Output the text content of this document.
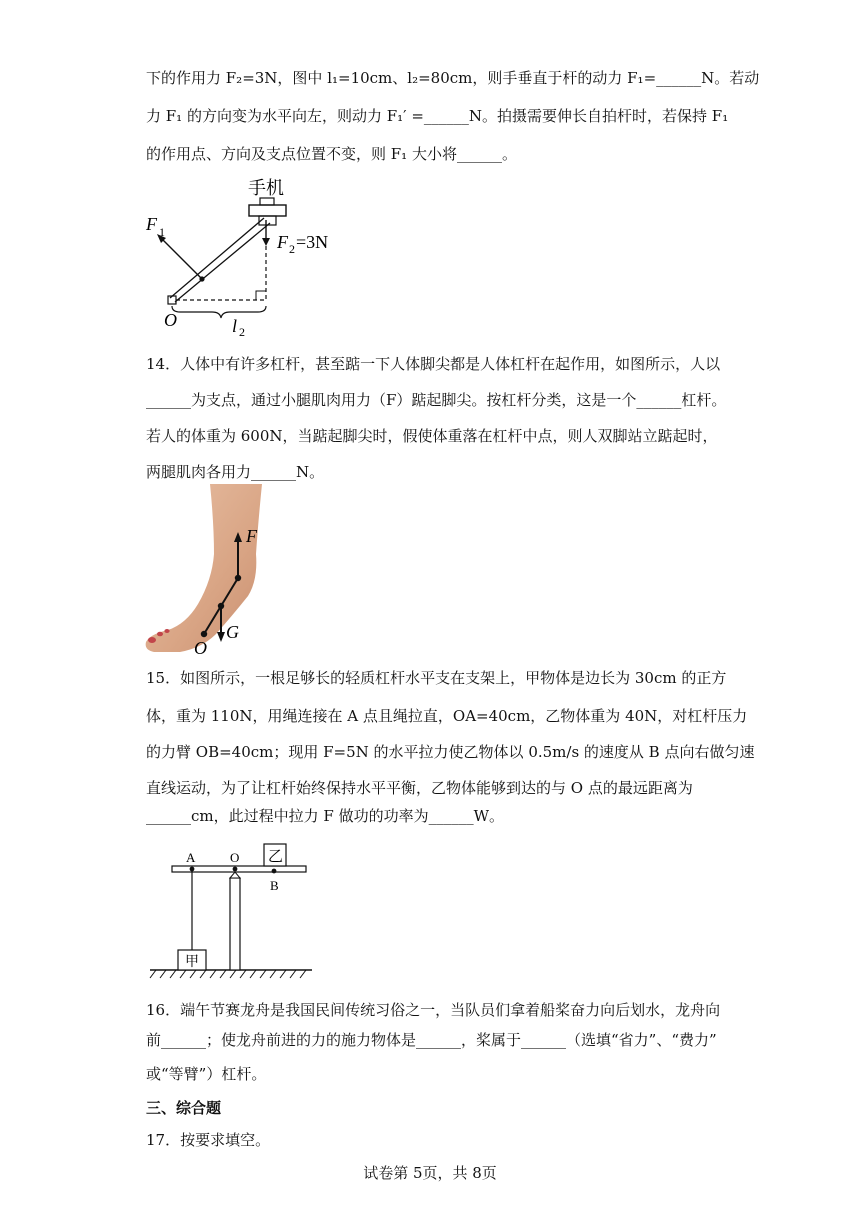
下的作用力 F₂=3N，图中 l₁=10cm、l₂=80cm，则手垂直于杆的动力 F₁=______N。若动
力 F₁ 的方向变为水平向左，则动力 F₁′ =______N。拍摄需要伸长自拍杆时，若保持 F₁
的作用点、方向及支点位置不变，则 F₁ 大小将______。
手机
O
F 1	F 2 =3N
l 2
14．人体中有许多杠杆，甚至踮一下人体脚尖都是人体杠杆在起作用，如图所示，人以
______为支点，通过小腿肌肉用力（F）踮起脚尖。按杠杆分类，这是一个______杠杆。
若人的体重为 600N，当踮起脚尖时，假使体重落在杠杆中点，则人双脚站立踮起时，
两腿肌肉各用力______N。
F
G
O
15．如图所示，一根足够长的轻质杠杆水平支在支架上，甲物体是边长为 30cm 的正方
体，重为 110N，用绳连接在 A 点且绳拉直，OA=40cm，乙物体重为 40N，对杠杆压力
的力臂 OB=40cm；现用 F=5N 的水平拉力使乙物体以 0.5m/s 的速度从 B 点向右做匀速
直线运动，为了让杠杆始终保持水平平衡，乙物体能够到达的与 O 点的最远距离为
______cm，此过程中拉力 F 做功的功率为______W。
甲
乙
A	O
B
16．端午节赛龙舟是我国民间传统习俗之一，当队员们拿着船桨奋力向后划水，龙舟向
前______；使龙舟前进的力的施力物体是______，桨属于______（选填“省力”、“费力”
或“等臂”）杠杆。
三、综合题
17．按要求填空。
试卷第 5页，共 8页
